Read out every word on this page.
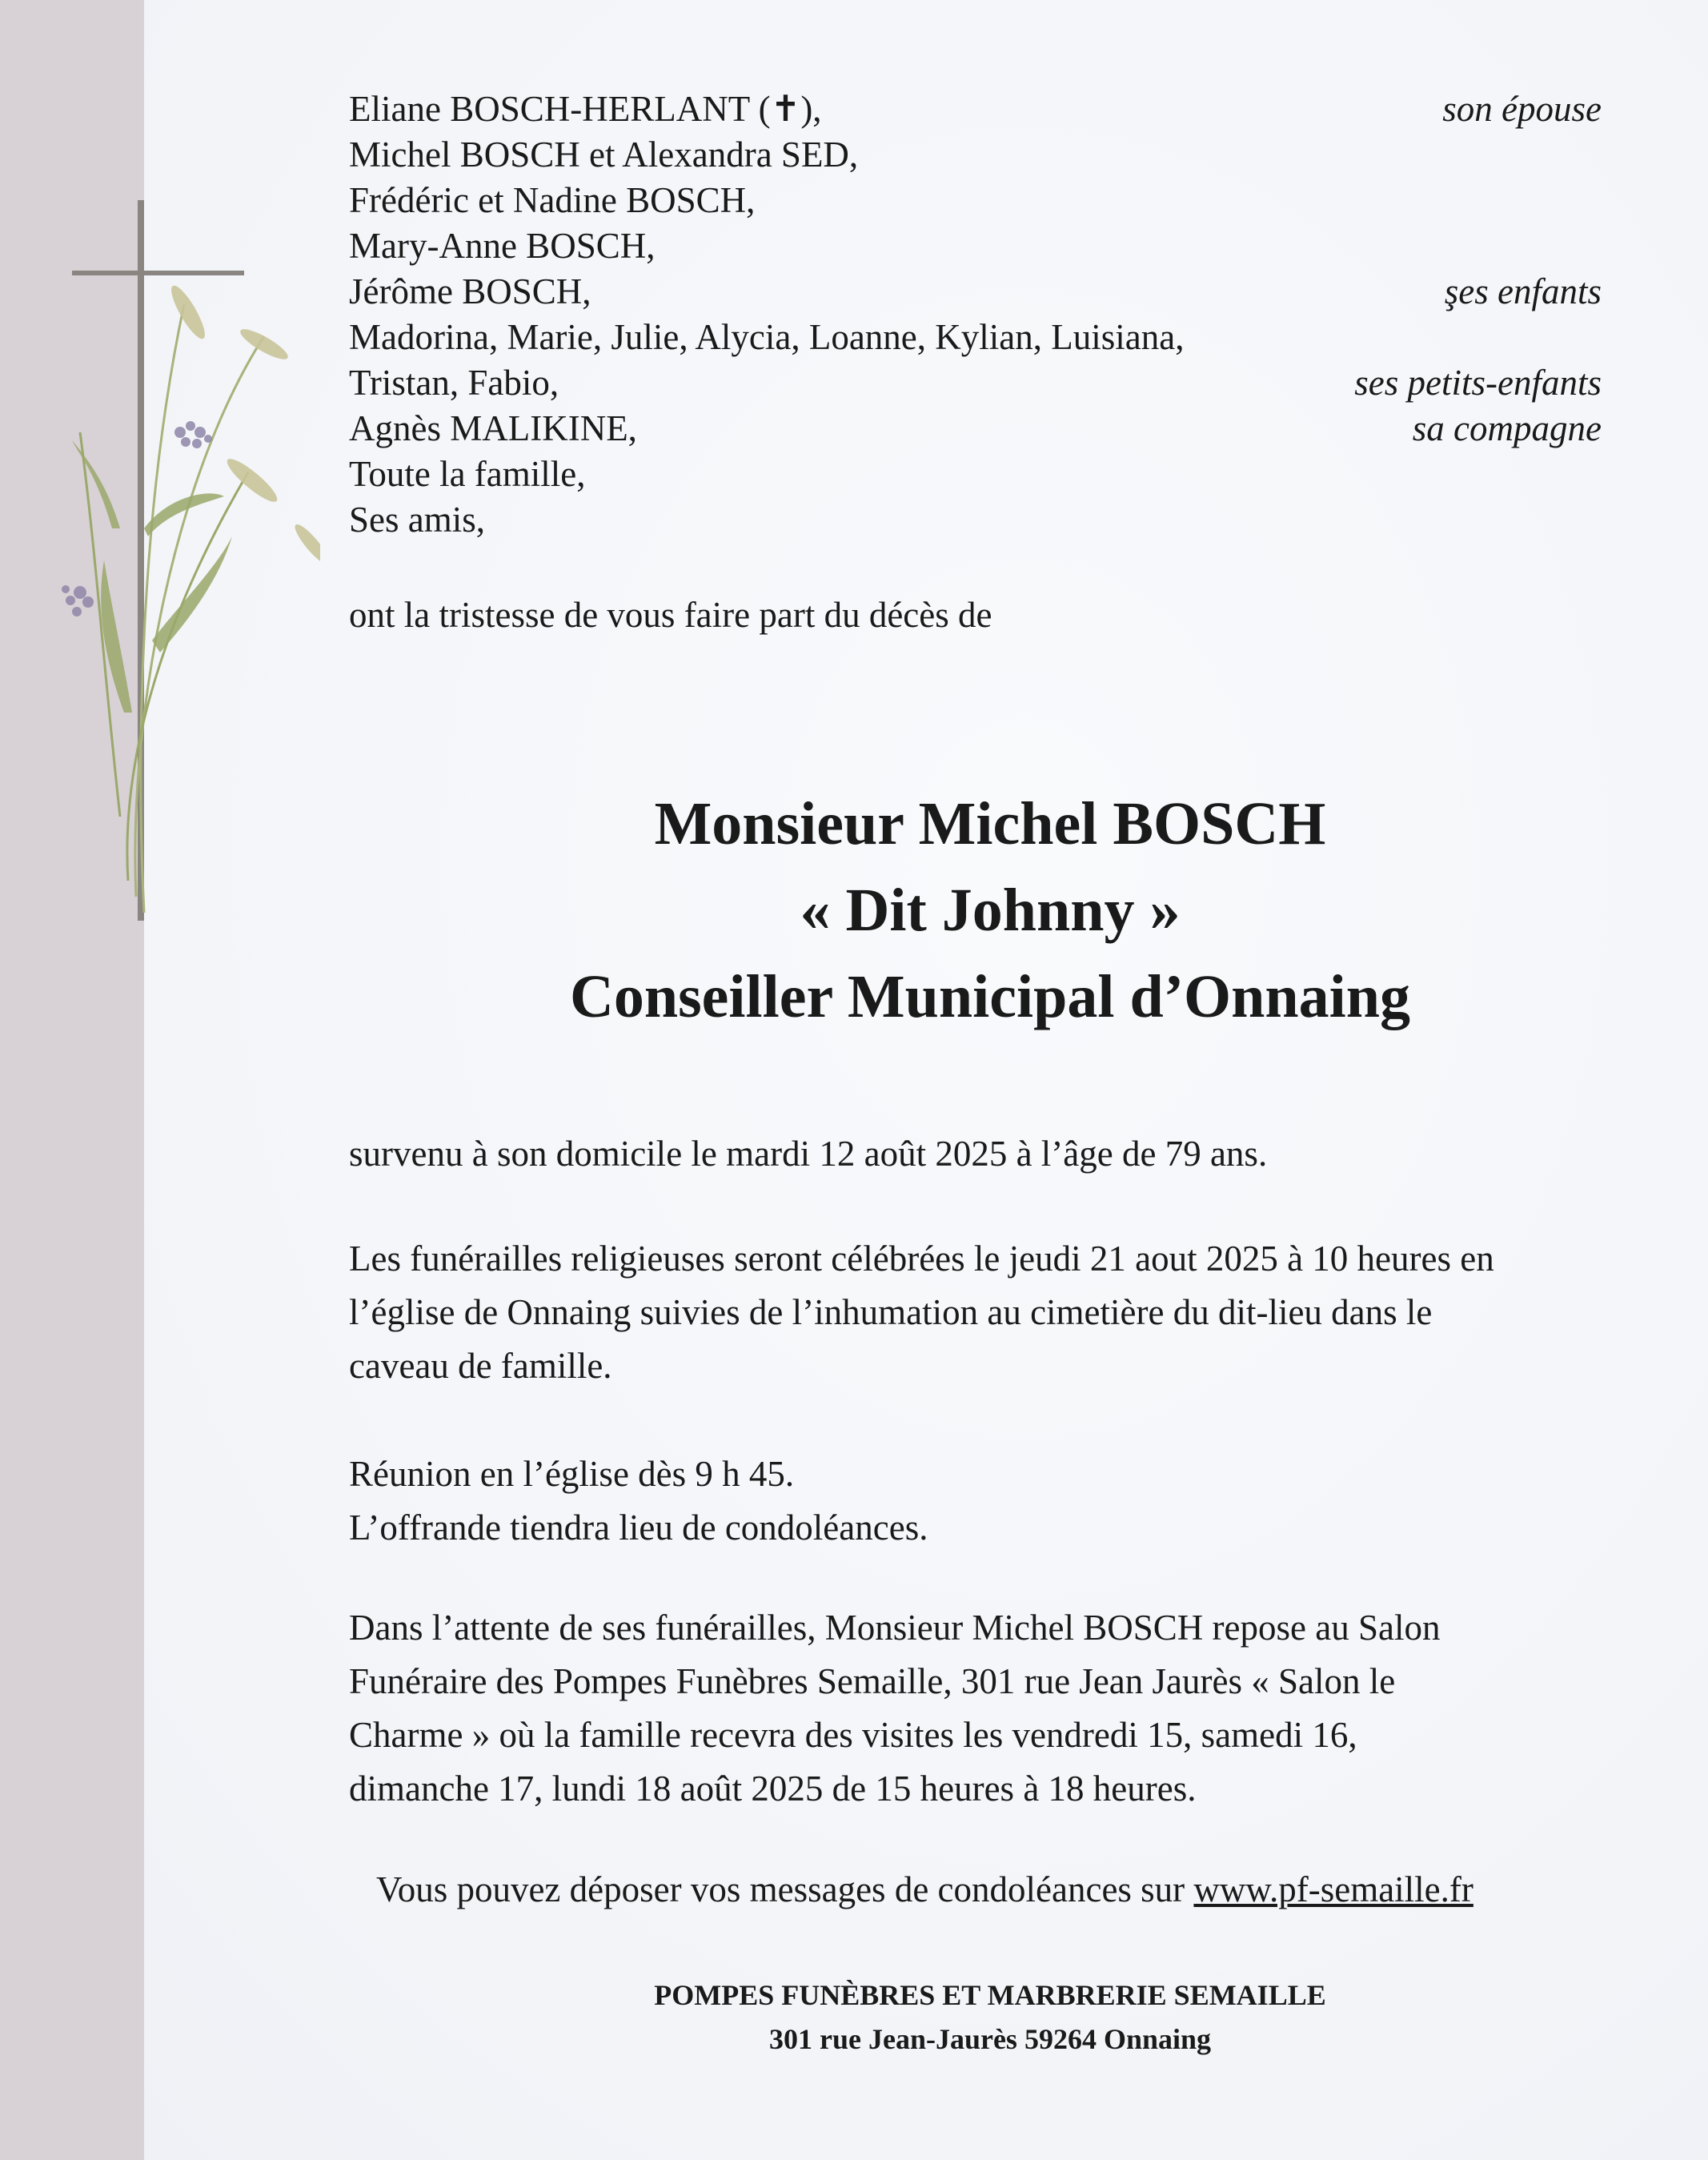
Eliane BOSCH-HERLANT (✝),
Michel BOSCH et Alexandra SED,
Frédéric et Nadine BOSCH,
Mary-Anne BOSCH,
Jérôme BOSCH,
Madorina, Marie, Julie, Alycia, Loanne, Kylian, Luisiana,
Tristan, Fabio,
Agnès MALIKINE,
Toute la famille,
Ses amis,
son épouse
şes enfants
ses petits-enfants
sa compagne
ont la tristesse de vous faire part du décès de
Monsieur Michel BOSCH
« Dit Johnny »
Conseiller Municipal d’Onnaing
survenu à son domicile le mardi 12 août 2025 à l’âge de 79 ans.
Les funérailles religieuses seront célébrées le jeudi 21 aout 2025 à 10 heures en
l’église de Onnaing suivies de l’inhumation au cimetière du dit-lieu dans le
caveau de famille.
Réunion en l’église dès 9 h 45.
L’offrande tiendra lieu de condoléances.
Dans l’attente de ses funérailles, Monsieur Michel BOSCH repose au Salon
Funéraire des Pompes Funèbres Semaille, 301 rue Jean Jaurès « Salon le
Charme » où la famille recevra des visites les vendredi 15, samedi 16,
dimanche 17, lundi 18 août 2025 de 15 heures à 18 heures.
Vous pouvez déposer vos messages de condoléances sur www.pf-semaille.fr
POMPES FUNÈBRES ET MARBRERIE SEMAILLE
301 rue Jean-Jaurès 59264 Onnaing
